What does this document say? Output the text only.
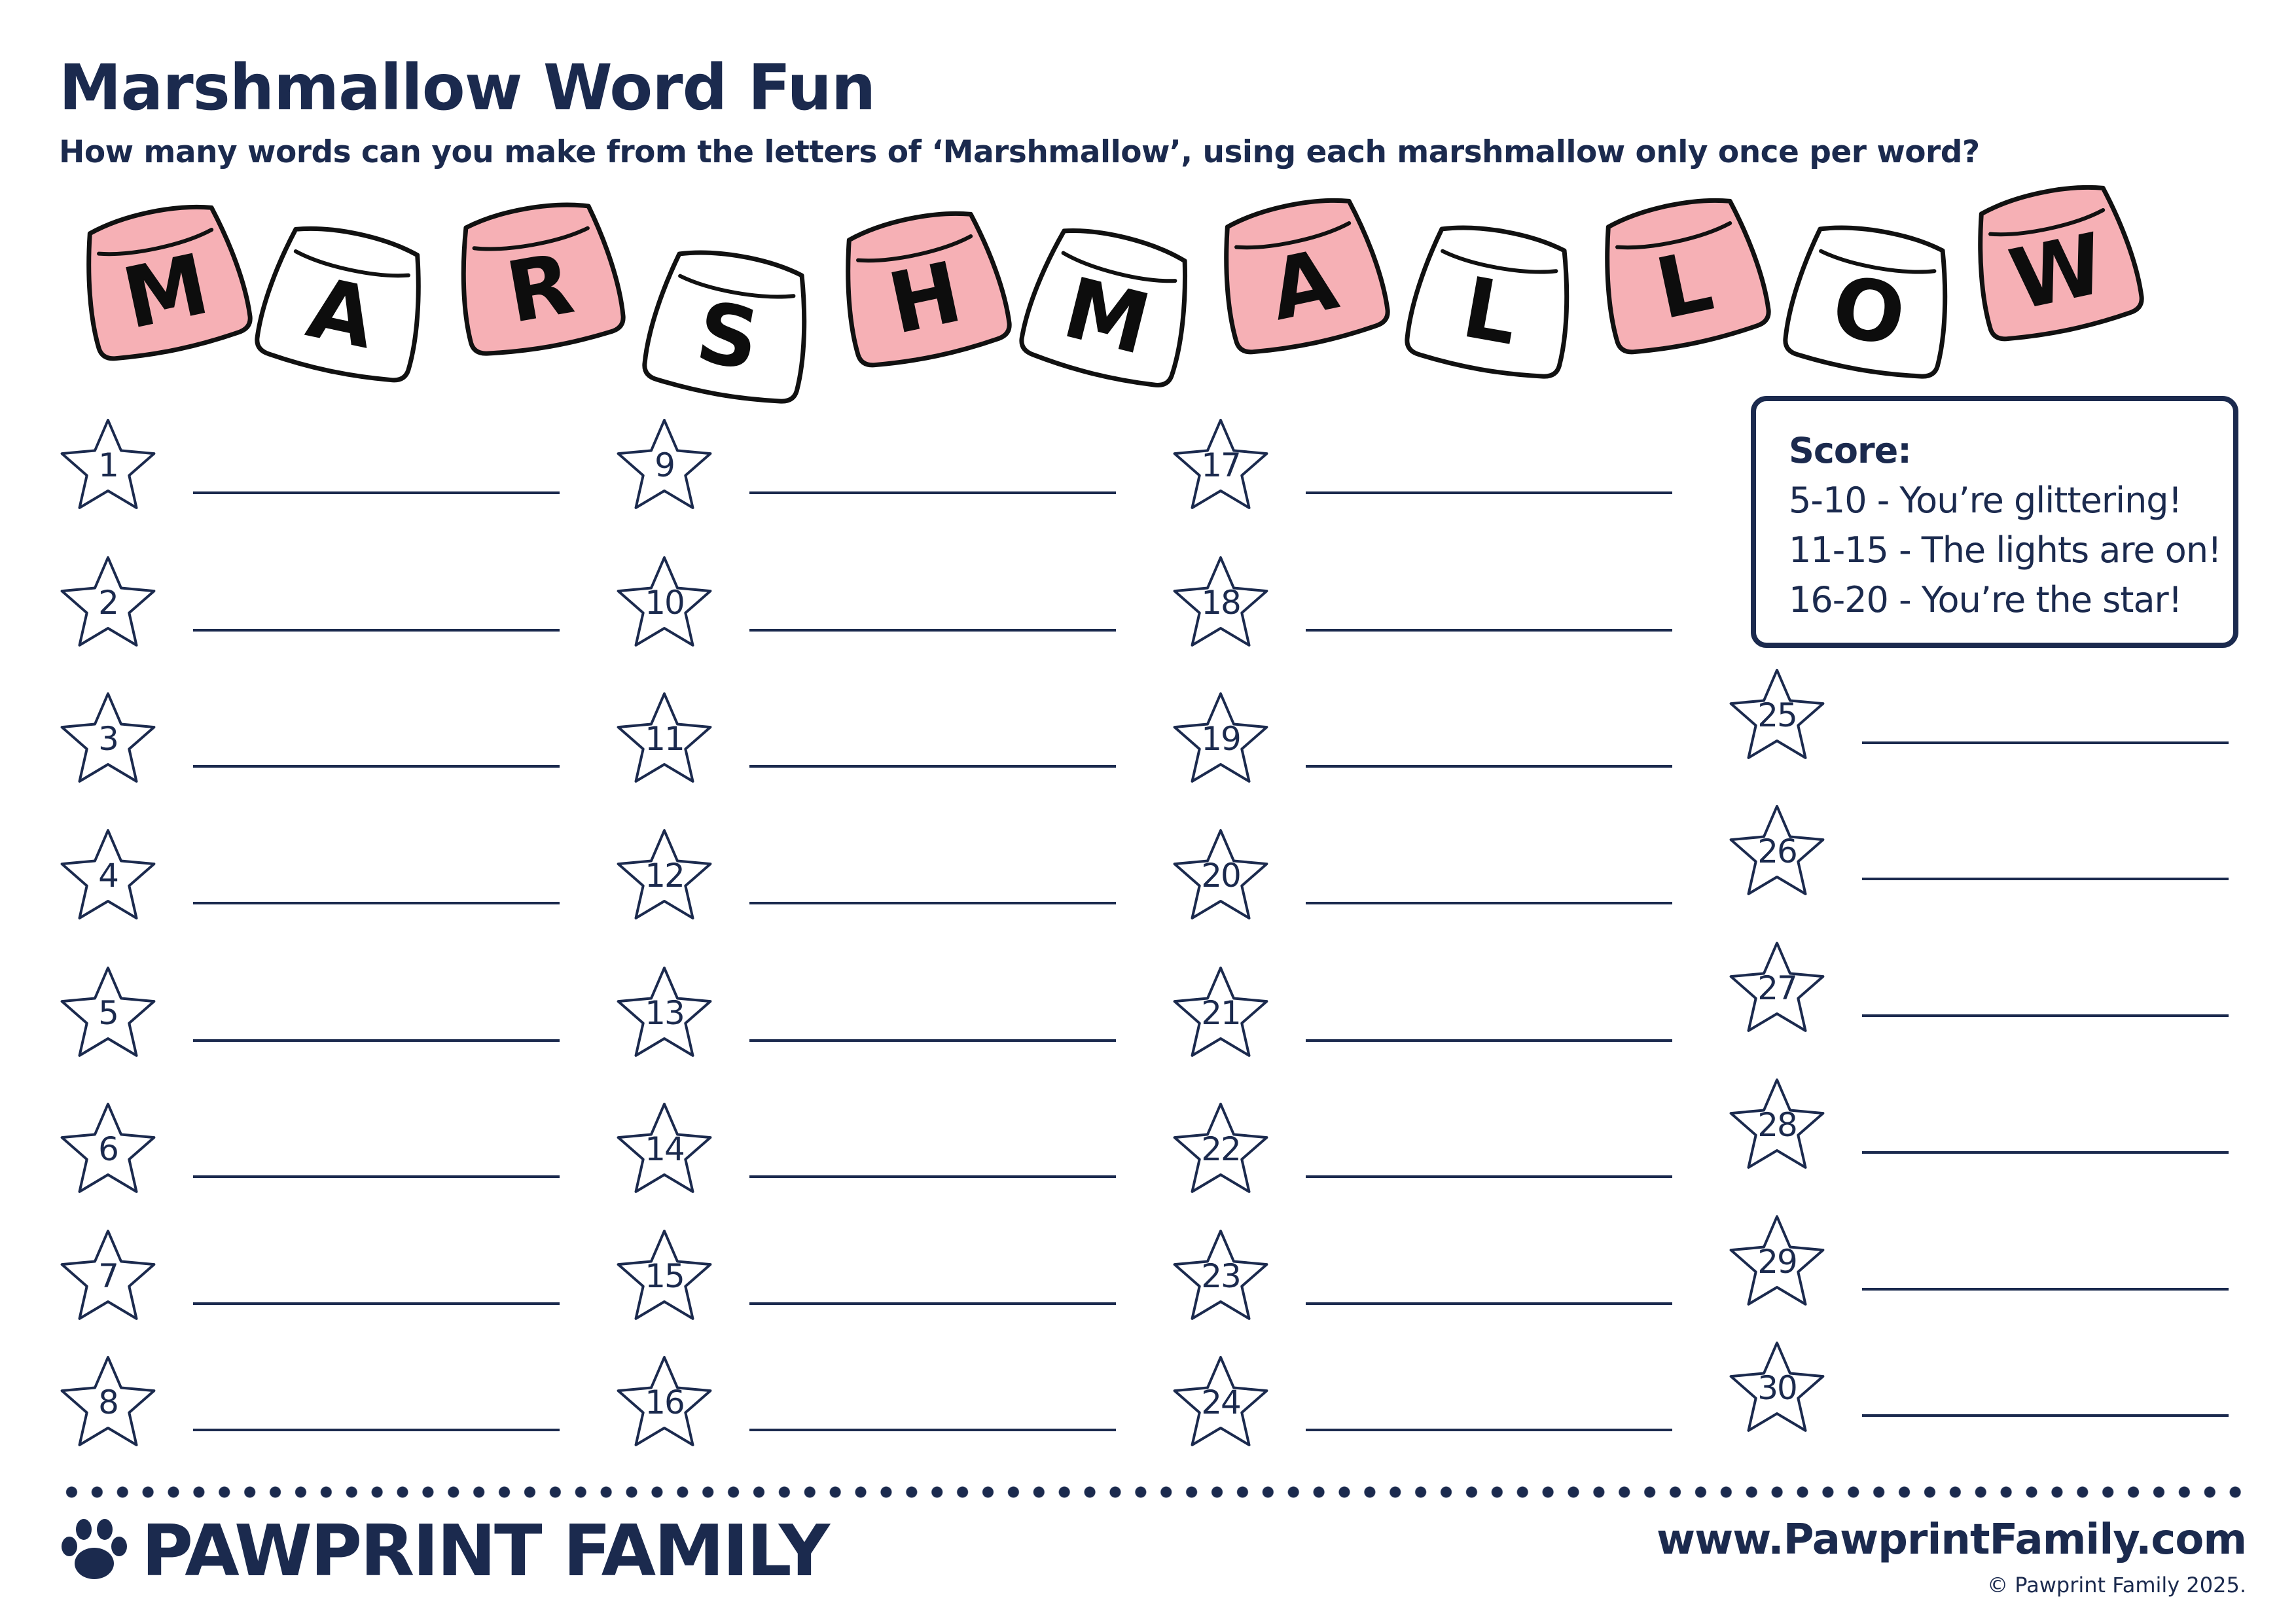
Marshmallow Word Fun

How many words can you make from the letters of ‘Marshmallow’, using each marshmallow only once per word?

M A R S H M A L L O W
1
2
3
4
5
6
7
8
9
10
11
12
13
14
15
16
17
18
19
20
21
22
23
24
25
26
27
28
29
30
Score:
5-10 - You’re glittering!
11-15 - The lights are on!
16-20 - You’re the star!
PAWPRINT FAMILY	www.PawprintFamily.com
© Pawprint Family 2025.
